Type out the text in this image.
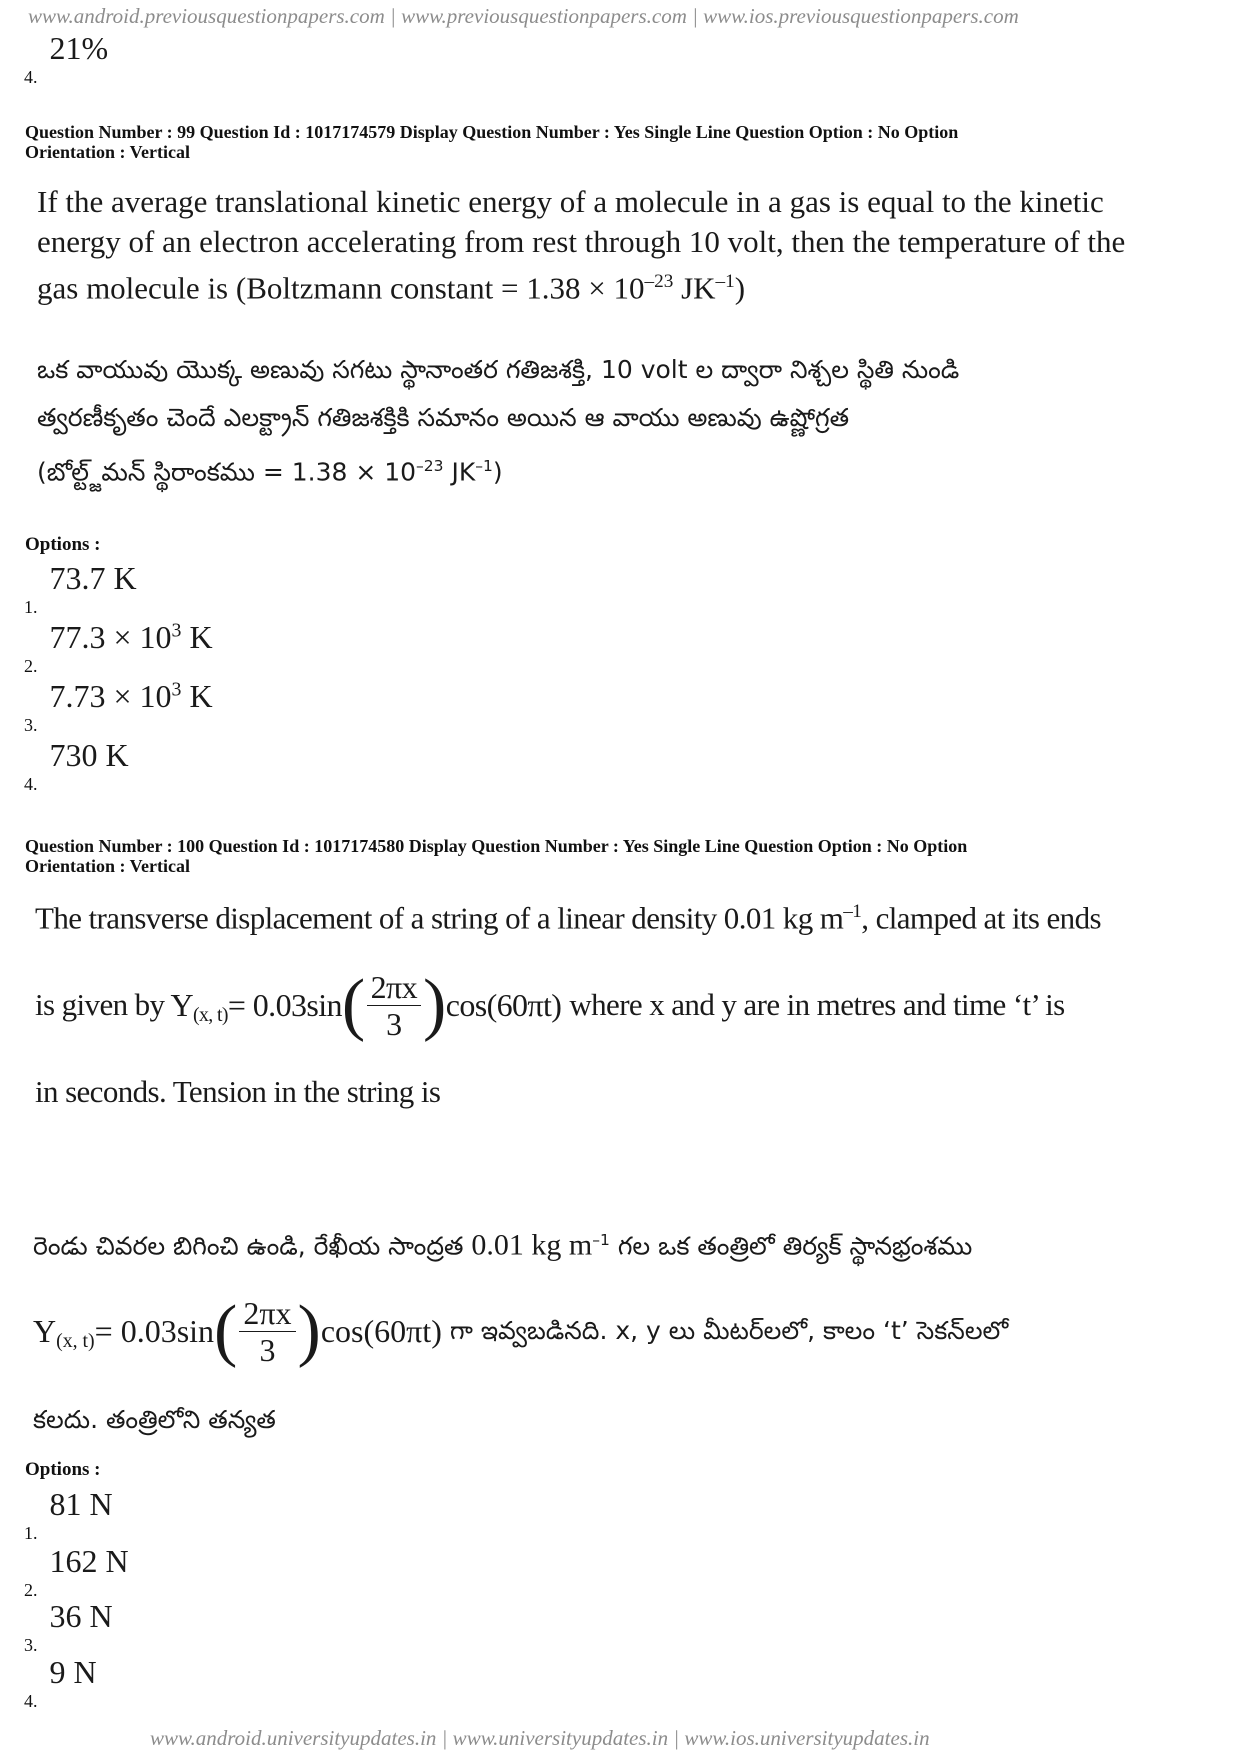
www.android.previousquestionpapers.com | www.previousquestionpapers.com | www.ios.previousquestionpapers.com
www.android.universityupdates.in | www.universityupdates.in | www.ios.universityupdates.in
4. 21%
Question Number : 99 Question Id : 1017174579 Display Question Number : Yes Single Line Question Option : No Option
Orientation : Vertical
If the average translational kinetic energy of a molecule in a gas is equal to the kinetic
energy of an electron accelerating from rest through 10 volt, then the temperature of the
gas molecule is (Boltzmann constant = $1.38 \times 10^{-23}$ $JK^{-1}$)
ఒక వాయువు యొక్క అణువు సగటు స్థానాంతర గతిజశక్తి, 10 volt ల ద్వారా నిశ్చల స్థితి నుండి
త్వరణీకృతం చెందే ఎలక్ట్రాన్ గతిజశక్తికి సమానం అయిన ఆ వాయు అణువు ఉష్ణోగ్రత
(బోల్ట్జ్‌మన్ స్థిరాంకము = $1.38 \times 10^{-23}$ $JK^{-1}$)
Options :
1. 73.7 K
2. $77.3 \times 10^3$ K
3. $7.73 \times 10^3$ K
4. 730 K
Question Number : 100 Question Id : 1017174580 Display Question Number : Yes Single Line Question Option : No Option
Orientation : Vertical
The transverse displacement of a string of a linear density 0.01 kg $m^{-1}$, clamped at its ends
is given by $Y_{(x, t)} = 0.03\sin$ ( $\frac{2\pi x}{3}$ ) cos(60πt) where x and y are in metres and time ‘t’ is
in seconds. Tension in the string is
రెండు చివరల బిగించి ఉండి, రేఖీయ సాంద్రత 0.01 kg $m^{-1}$ గల ఒక తంత్రిలో తిర్యక్ స్థానభ్రంశము
$Y_{(x, t)} = 0.03\sin$ ( $\frac{2\pi x}{3}$ ) cos(60πt) గా ఇవ్వబడినది. x, y లు మీటర్‌లలో, కాలం ‘t’ సెకన్‌లలో
కలదు. తంత్రిలోని తన్యత
Options :
1. 81 N
2. 162 N
3. 36 N
4. 9 N
